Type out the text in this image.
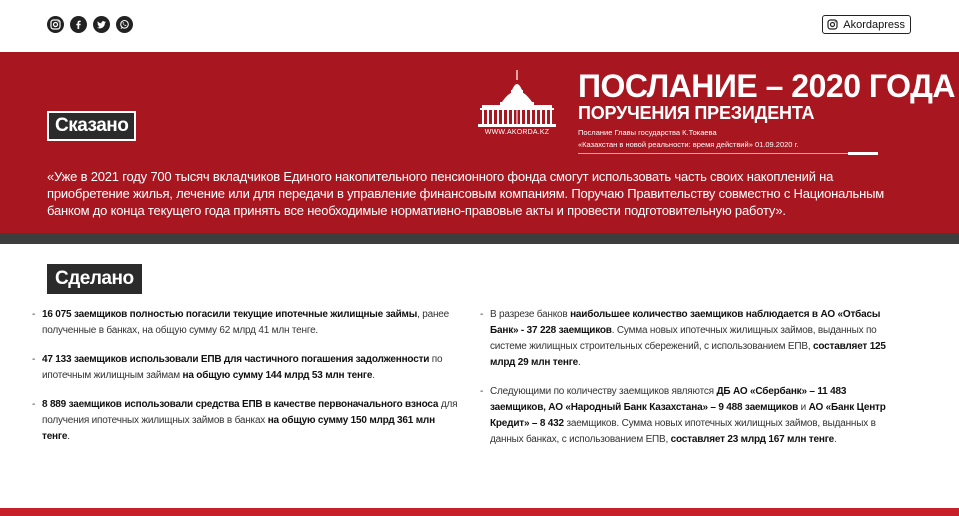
Akordapress
Сказано	WWW.AKORDA.KZ
ПОСЛАНИЕ – 2020 ГОДА
ПОРУЧЕНИЯ ПРЕЗИДЕНТА
Послание Главы государства К.Токаева
«Казахстан в новой реальности: время действий» 01.09.2020 г.
«Уже в 2021 году 700 тысяч вкладчиков Единого накопительного пенсионного фонда смогут использовать часть своих накоплений на приобретение жилья, лечение или для передачи в управление финансовым компаниям. Поручаю Правительству совместно с Национальным банком до конца текущего года принять все необходимые нормативно-правовые акты и провести подготовительную работу».
Сделано
- 16 075 заемщиков полностью погасили текущие ипотечные жилищные займы, ранее полученные в банках, на общую сумму 62 млрд 41 млн тенге.
- 47 133 заемщиков использовали ЕПВ для частичного погашения задолженности по ипотечным жилищным займам на общую сумму 144 млрд 53 млн тенге.
- 8 889 заемщиков использовали средства ЕПВ в качестве первоначального взноса для получения ипотечных жилищных займов в банках на общую сумму 150 млрд 361 млн тенге.
- В разрезе банков наибольшее количество заемщиков наблюдается в АО «Отбасы Банк» - 37 228 заемщиков. Сумма новых ипотечных жилищных займов, выданных по системе жилищных строительных сбережений, с использованием ЕПВ, составляет 125 млрд 29 млн тенге.
- Следующими по количеству заемщиков являются ДБ АО «Сбербанк» – 11 483 заемщиков, АО «Народный Банк Казахстана» – 9 488 заемщиков и АО «Банк Центр Кредит» – 8 432 заемщиков. Сумма новых ипотечных жилищных займов, выданных в данных банках, с использованием ЕПВ, составляет 23 млрд 167 млн тенге.
